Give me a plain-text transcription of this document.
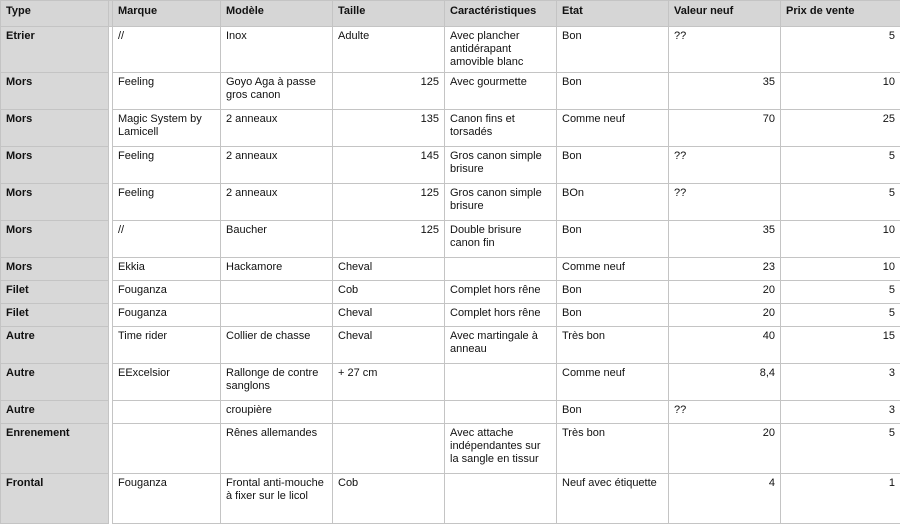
Type		Marque	Modèle	Taille	Caractéristiques	Etat	Valeur neuf	Prix de vente
Etrier		//	Inox	Adulte	Avec plancher antidérapant amovible blanc	Bon	??	5
Mors		Feeling	Goyo Aga à passe gros canon	125	Avec gourmette	Bon	35	10
Mors		Magic System by Lamicell	2 anneaux	135	Canon fins et torsadés	Comme neuf	70	25
Mors		Feeling	2 anneaux	145	Gros canon simple brisure	Bon	??	5
Mors		Feeling	2 anneaux	125	Gros canon simple brisure	BOn	??	5
Mors		//	Baucher	125	Double brisure canon fin	Bon	35	10
Mors		Ekkia	Hackamore	Cheval		Comme neuf	23	10
Filet		Fouganza		Cob	Complet hors rêne	Bon	20	5
Filet		Fouganza		Cheval	Complet hors rêne	Bon	20	5
Autre		Time rider	Collier de chasse	Cheval	Avec martingale à anneau	Très bon	40	15
Autre		EExcelsior	Rallonge de contre sanglons	+ 27 cm		Comme neuf	8,4	3
Autre			croupière			Bon	??	3
Enrenement			Rênes allemandes		Avec attache indépendantes sur la sangle en tissur	Très bon	20	5
Frontal		Fouganza	Frontal anti-mouche à fixer sur le licol	Cob		Neuf avec étiquette	4	1
